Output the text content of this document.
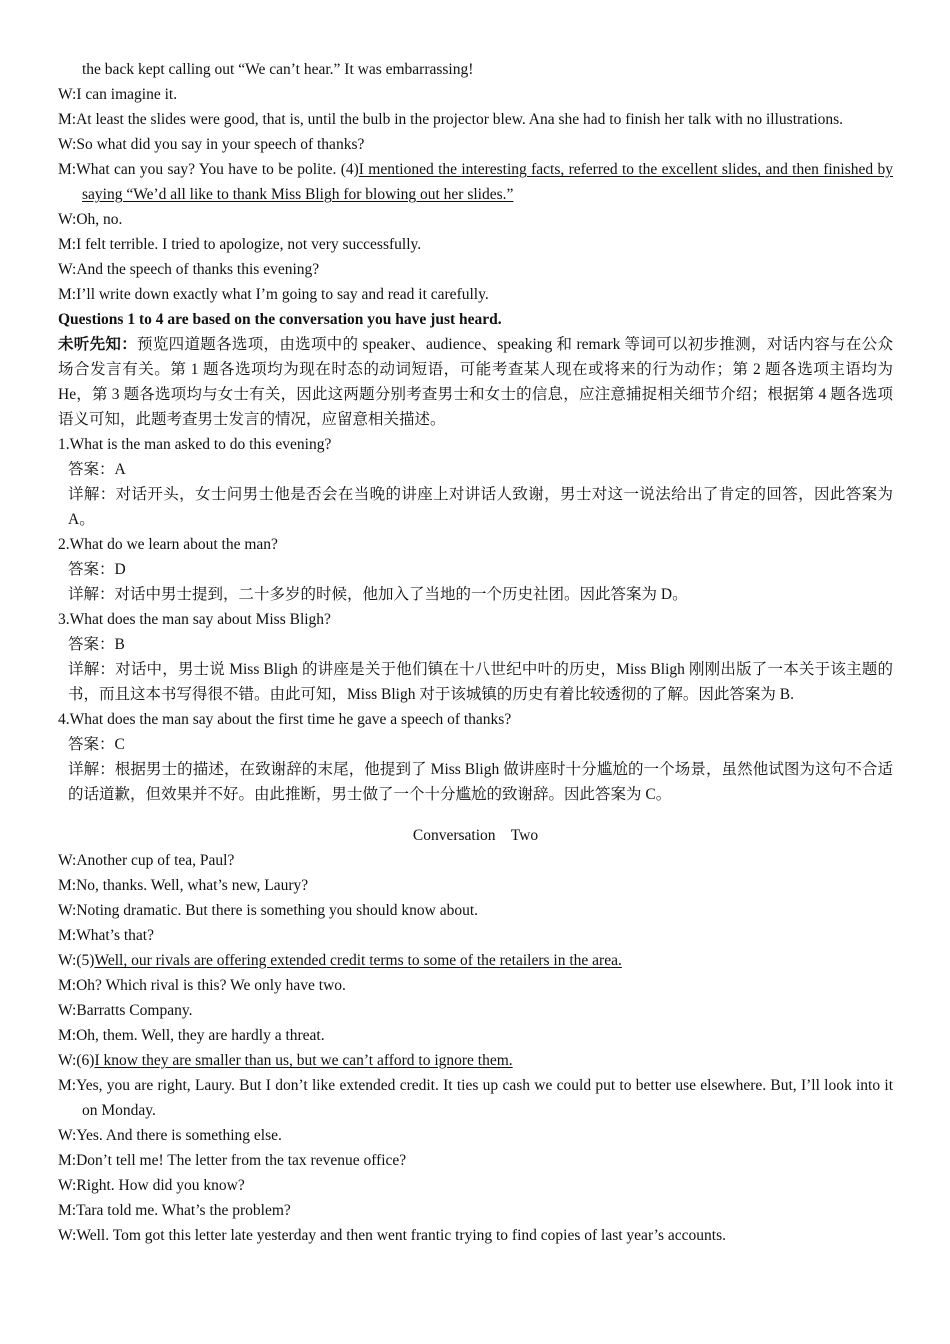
the back kept calling out “We can’t hear.” It was embarrassing!

W:I can imagine it.

M:At least the slides were good, that is, until the bulb in the projector blew. Ana she had to finish her talk with no illustrations.

W:So what did you say in your speech of thanks?

M:What can you say? You have to be polite. (4)I mentioned the interesting facts, referred to the excellent slides, and then finished by saying “We’d all like to thank Miss Bligh for blowing out her slides.”

W:Oh, no.

M:I felt terrible. I tried to apologize, not very successfully.

W:And the speech of thanks this evening?

M:I’ll write down exactly what I’m going to say and read it carefully.

Questions 1 to 4 are based on the conversation you have just heard.

未听先知：预览四道题各选项，由选项中的 speaker、audience、speaking 和 remark 等词可以初步推测，对话内容与在公众场合发言有关。第 1 题各选项均为现在时态的动词短语，可能考查某人现在或将来的行为动作；第 2 题各选项主语均为 He，第 3 题各选项均与女士有关，因此这两题分别考查男士和女士的信息，应注意捕捉相关细节介绍；根据第 4 题各选项语义可知，此题考查男士发言的情况，应留意相关描述。

1.What is the man asked to do this evening?

答案：A

详解：对话开头，女士问男士他是否会在当晚的讲座上对讲话人致谢，男士对这一说法给出了肯定的回答，因此答案为 A。

2.What do we learn about the man?

答案：D

详解：对话中男士提到，二十多岁的时候，他加入了当地的一个历史社团。因此答案为 D。

3.What does the man say about Miss Bligh?

答案：B

详解：对话中，男士说 Miss Bligh 的讲座是关于他们镇在十八世纪中叶的历史，Miss Bligh 刚刚出版了一本关于该主题的书，而且这本书写得很不错。由此可知，Miss Bligh 对于该城镇的历史有着比较透彻的了解。因此答案为 B.

4.What does the man say about the first time he gave a speech of thanks?

答案：C

详解：根据男士的描述，在致谢辞的末尾，他提到了 Miss Bligh 做讲座时十分尴尬的一个场景，虽然他试图为这句不合适的话道歉，但效果并不好。由此推断，男士做了一个十分尴尬的致谢辞。因此答案为 C。

Conversation    Two

W:Another cup of tea, Paul?

M:No, thanks. Well, what’s new, Laury?

W:Noting dramatic. But there is something you should know about.

M:What’s that?

W:(5)Well, our rivals are offering extended credit terms to some of the retailers in the area.

M:Oh? Which rival is this? We only have two.

W:Barratts Company.

M:Oh, them. Well, they are hardly a threat.

W:(6)I know they are smaller than us, but we can’t afford to ignore them.

M:Yes, you are right, Laury. But I don’t like extended credit. It ties up cash we could put to better use elsewhere. But, I’ll look into it on Monday.

W:Yes. And there is something else.

M:Don’t tell me! The letter from the tax revenue office?

W:Right. How did you know?

M:Tara told me. What’s the problem?

W:Well. Tom got this letter late yesterday and then went frantic trying to find copies of last year’s accounts.
